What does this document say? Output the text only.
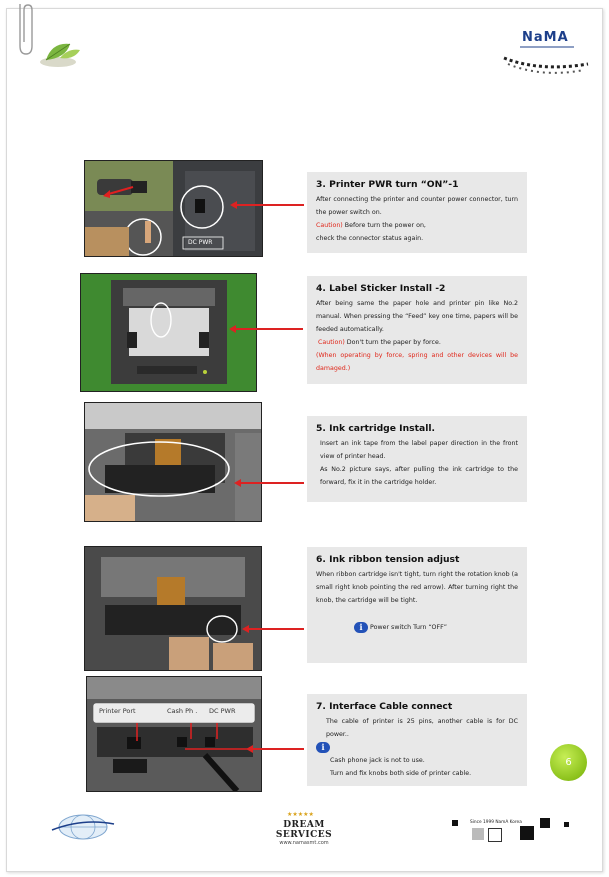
NaMA
DC PWR
3. Printer PWR turn “ON”-1

After connecting the printer and counter power connector, turn the power switch on.
Caution) Before turn the power on,
check the connector status again.

4. Label Sticker Install -2

After being same the paper hole and printer pin like No.2 manual. When pressing the “Feed” key one time, papers will be feeded automatically.
Caution) Don't turn the paper by force.
(When operating by force, spring and other devices will be damaged.)

5. Ink cartridge Install.

Insert an ink tape from the label paper direction in the front view of printer head.
As No.2 picture says, after pulling the ink cartridge to the forward, fix it in the cartridge holder.

6. Ink ribbon tension adjust

When ribbon cartridge isn't tight, turn right the rotation knob (a small right knob pointing the red arrow). After turning right the knob, the cartridge will be tight.

i Power switch Turn “OFF”

Printer Port	Cash Ph . DC PWR	7. Interface Cable connect

The cable of printer is 25 pins, another cable is for DC power..

i

Cash phone jack is not to use.
Turn and fix knobs both side of printer cable.

6
★★★★★
DREAM SERVICES
www.namasmt.com
Since 1999 NamA Korea
